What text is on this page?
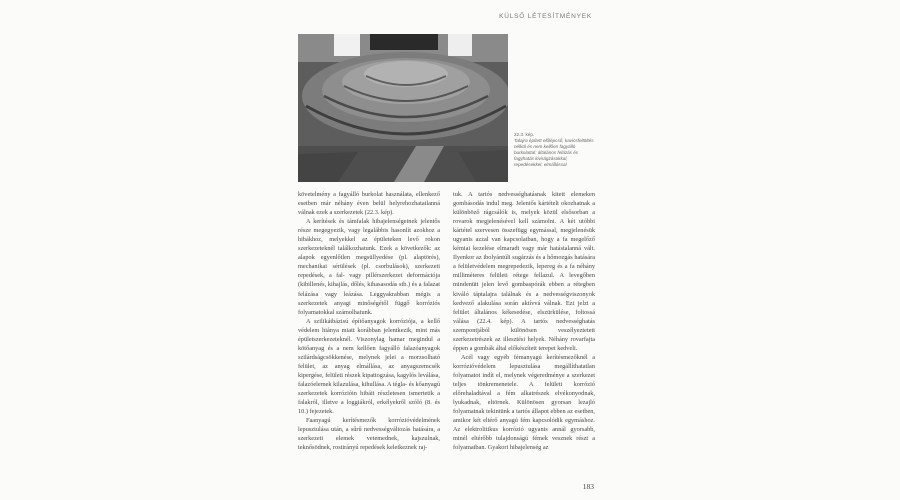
KÜLSŐ LÉTESÍTMÉNYEK
22.3. kép.
Talajra épített előlépcső, kavicsfeltöltés nélkül és nem kellően fagyálló burkolattal: általános felázás és fagyhatás kivirágzásokkal, repedésekkel, elmállással

követelmény a fagyálló burkolat használata, ellenkező esetben már néhány éven belül helyrehozhatatlanná válnak ezek a szerkezetek (22.3. kép).

A kerítések és támfalak hibajelenségeinek jelentős része megegyezik, vagy legalábbis hasonlít azokhoz a hibákhoz, melyekkel az épületeken levő rokon szerkezeteknél találkozhatunk. Ezek a következők: az alapok egyenlőtlen megsüllyedése (pl. alaptörés), mechanikai sérülések (pl. csorbulások), szerkezeti repedések, a fal- vagy pillérszerkezet deformációja (kibillenés, kihajlás, dőlés, kihasasodás stb.) és a falazat felázása vagy leázása. Leggyakrabban mégis a szerkezetek anyagi minőségétől függő korróziós folyamatokkal számolhatunk.

A szilikátbázisú építőanyagok korróziója, a kellő védelem hiánya miatt korábban jelentkezik, mint más épületszerkezeteknél. Viszonylag hamar megindul a kötőanyag és a nem kellően fagyálló falazóanyagok szilárdságcsökkenése, melynek jelei a morzsolható felület, az anyag elmállása, az anyagszemcsék kipergése, felületi részek kipattogzása, kagylós leválása, falazóelemek kilazulása, kihullása. A tégla- és kőanyagú szerkezetek korrózióin hibáit részletesen ismertetik a falakról, illetve a loggiákról, erkélyekről szóló (8. és 10.) fejezetek.

Faanyagú kerítésmezők korrózióvédelmének lepusztulása után, a sűrű nedvességváltozás hatására, a szerkezeti elemek vetemednek, kajszulnak, teknősödnek, rostirányú repedések keletkeznek raj-

tuk. A tartós nedvességhatásnak kitett elemeken gombásodás indul meg. Jelentős kártételt okozhatnak a különböző rágcsálók is, melyek közül elsősorban a rovarok megjelenésével kell számolni. A két utóbbi kártétel szervesen összefügg egymással, megjelenésük ugyanis azzal van kapcsolatban, hogy a fa megelőző kémiai kezelése elmaradt vagy már hatástalanná vált. Ilyenkor az ibolyántúli sugárzás és a hőmozgás hatására a felületvédelem megrepedezik, lepereg és a fa néhány milliméteres felületi rétege fellazul. A levegőben mindenütt jelen levő gombaspórák ebben a rétegben kiváló táptalajra találnak és a nedvességviszonyok kedvező alakulása során aktívvá válnak. Ezt jelzi a felület általános kékesedése, elszürkülése, foltossá válása (22.4. kép). A tartós nedvességhatás szempontjából különösen veszélyeztetett szerkezetrészek az illesztési helyek. Néhány rovarfajta éppen a gombák által előkészített terepet kedveli.

Acél vagy egyéb fémanyagú kerítésmezőknél a korrózióvédelem lepusztulása megállíthatatlan folyamatot indít el, melynek végeredménye a szerkezet teljes tönkremenetele. A felületi korrózió előrehaladtával a fém alkatrészek elvékonyodnak, lyukadnak, eltörnek. Különösen gyorsan lezajló folyamatnak tekintünk a tartós állapot ebben az esetben, amikor két eltérő anyagú fém kapcsolódik egymáshoz. Az elektrolitikus korrózió ugyanis annál gyorsabb, minél eltérőbb tulajdonságú fémek vesznek részt a folyamatban. Gyakori hibajelenség az

183
